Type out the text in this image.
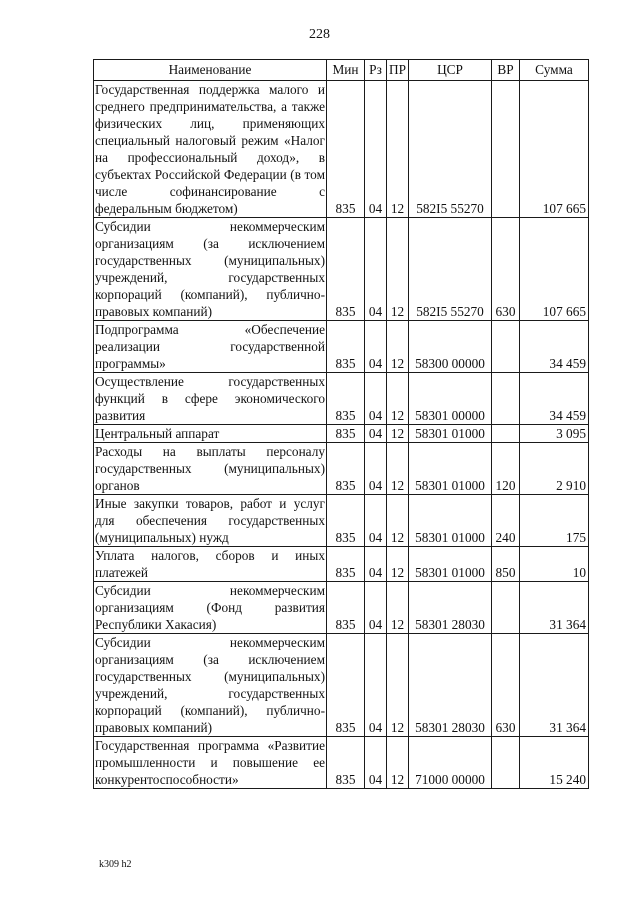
228
Наименование	Мин	Рз	ПР	ЦСР	ВР	Сумма
Государственная поддержка малого и среднего предпринимательства, а также физических лиц, применяющих специальный налоговый режим «Налог на профессиональный доход», в субъектах Российской Федерации (в том числе софинансирование с федеральным бюджетом)	835	04	12	582I5 55270		107 665
Субсидии некоммерческим организациям (за исключением государственных (муниципальных) учреждений, государственных корпораций (компаний), публично-правовых компаний)	835	04	12	582I5 55270	630	107 665
Подпрограмма «Обеспечение реализации государственной программы»	835	04	12	58300 00000		34 459
Осуществление государственных функций в сфере экономического развития	835	04	12	58301 00000		34 459
Центральный аппарат	835	04	12	58301 01000		3 095
Расходы на выплаты персоналу государственных (муниципальных) органов	835	04	12	58301 01000	120	2 910
Иные закупки товаров, работ и услуг для обеспечения государственных (муниципальных) нужд	835	04	12	58301 01000	240	175
Уплата налогов, сборов и иных платежей	835	04	12	58301 01000	850	10
Субсидии некоммерческим организациям (Фонд развития Республики Хакасия)	835	04	12	58301 28030		31 364
Субсидии некоммерческим организациям (за исключением государственных (муниципальных) учреждений, государственных корпораций (компаний), публично-правовых компаний)	835	04	12	58301 28030	630	31 364
Государственная программа «Развитие промышленности и повышение ее конкурентоспособности»	835	04	12	71000 00000		15 240
k309 h2
